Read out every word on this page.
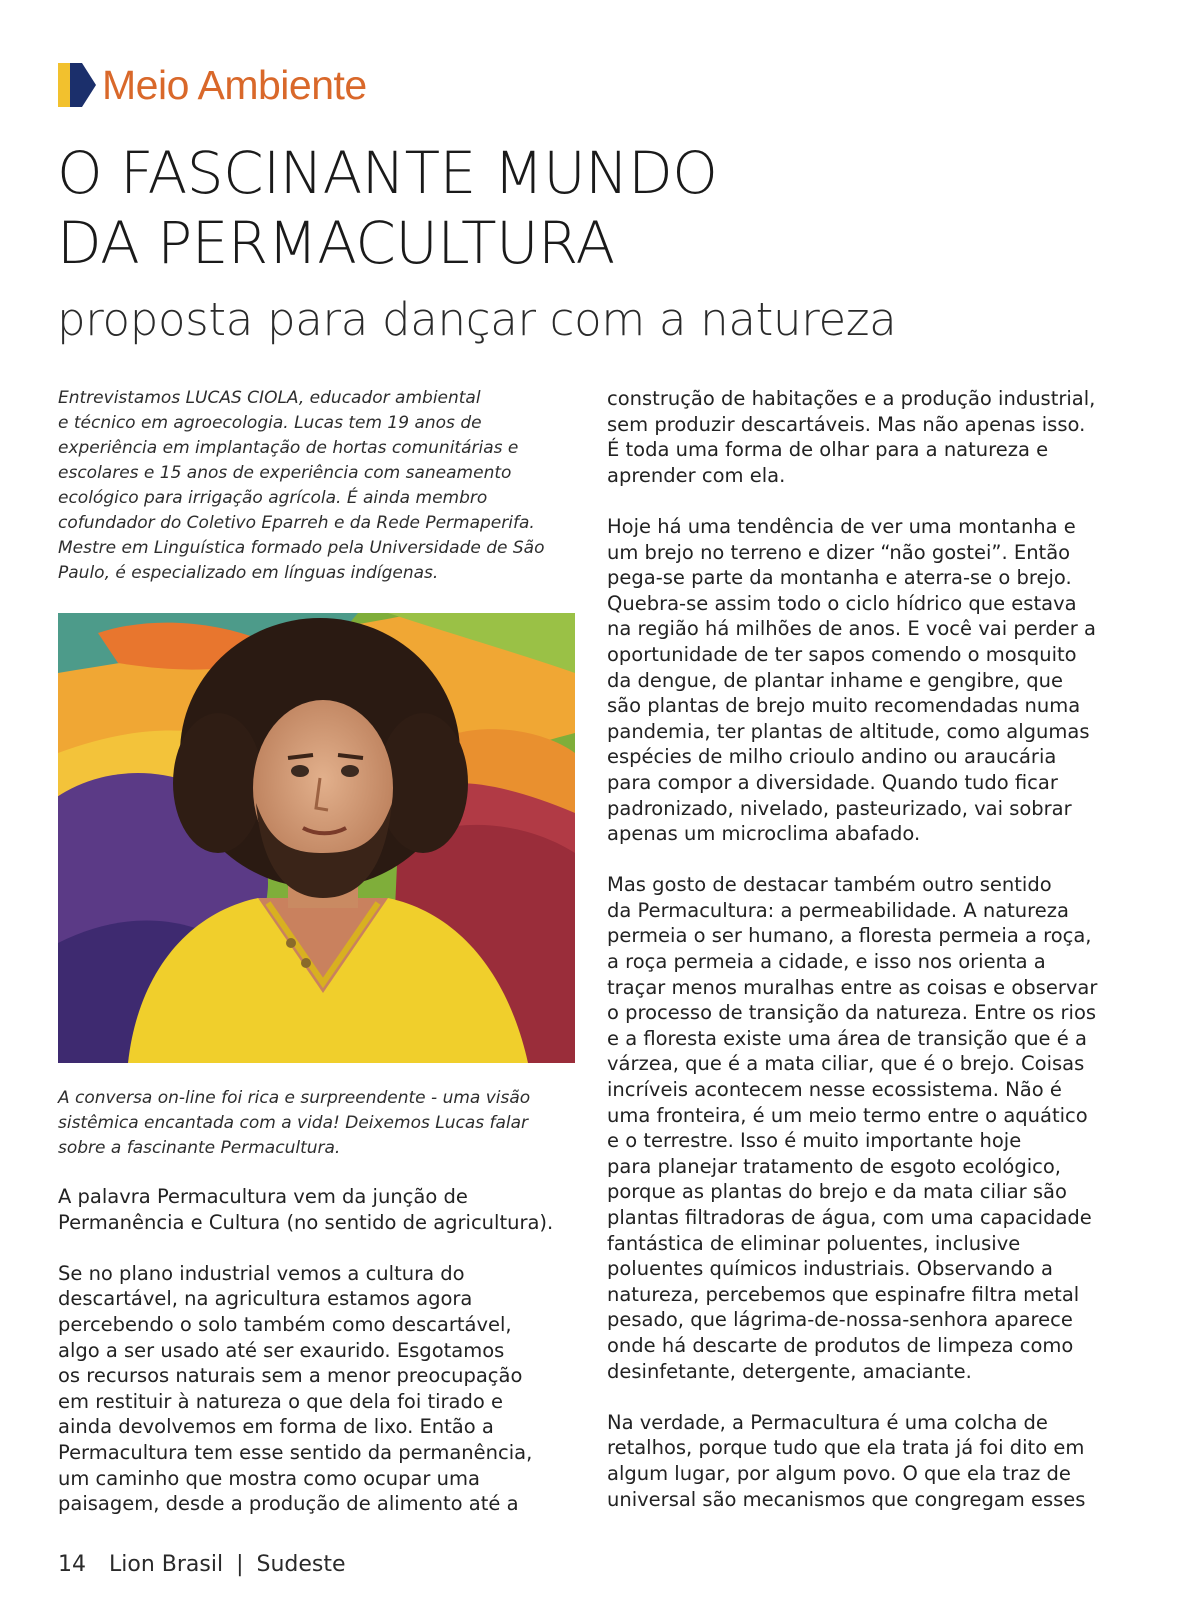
Meio Ambiente
O FASCINANTE MUNDO
DA PERMACULTURA
proposta para dançar com a natureza
Entrevistamos LUCAS CIOLA, educador ambiental
e técnico em agroecologia. Lucas tem 19 anos de
experiência em implantação de hortas comunitárias e
escolares e 15 anos de experiência com saneamento
ecológico para irrigação agrícola. É ainda membro
cofundador do Coletivo Eparreh e da Rede Permaperifa.
Mestre em Linguística formado pela Universidade de São
Paulo, é especializado em línguas indígenas.
A conversa on-line foi rica e surpreendente - uma visão
sistêmica encantada com a vida! Deixemos Lucas falar
sobre a fascinante Permacultura.

A palavra Permacultura vem da junção de
Permanência e Cultura (no sentido de agricultura).

Se no plano industrial vemos a cultura do
descartável, na agricultura estamos agora
percebendo o solo também como descartável,
algo a ser usado até ser exaurido. Esgotamos
os recursos naturais sem a menor preocupação
em restituir à natureza o que dela foi tirado e
ainda devolvemos em forma de lixo. Então a
Permacultura tem esse sentido da permanência,
um caminho que mostra como ocupar uma
paisagem, desde a produção de alimento até a

construção de habitações e a produção industrial,
sem produzir descartáveis. Mas não apenas isso.
É toda uma forma de olhar para a natureza e
aprender com ela.

Hoje há uma tendência de ver uma montanha e
um brejo no terreno e dizer “não gostei”. Então
pega-se parte da montanha e aterra-se o brejo.
Quebra-se assim todo o ciclo hídrico que estava
na região há milhões de anos. E você vai perder a
oportunidade de ter sapos comendo o mosquito
da dengue, de plantar inhame e gengibre, que
são plantas de brejo muito recomendadas numa
pandemia, ter plantas de altitude, como algumas
espécies de milho crioulo andino ou araucária
para compor a diversidade. Quando tudo ficar
padronizado, nivelado, pasteurizado, vai sobrar
apenas um microclima abafado.

Mas gosto de destacar também outro sentido
da Permacultura: a permeabilidade. A natureza
permeia o ser humano, a floresta permeia a roça,
a roça permeia a cidade, e isso nos orienta a
traçar menos muralhas entre as coisas e observar
o processo de transição da natureza. Entre os rios
e a floresta existe uma área de transição que é a
várzea, que é a mata ciliar, que é o brejo. Coisas
incríveis acontecem nesse ecossistema. Não é
uma fronteira, é um meio termo entre o aquático
e o terrestre. Isso é muito importante hoje
para planejar tratamento de esgoto ecológico,
porque as plantas do brejo e da mata ciliar são
plantas filtradoras de água, com uma capacidade
fantástica de eliminar poluentes, inclusive
poluentes químicos industriais. Observando a
natureza, percebemos que espinafre filtra metal
pesado, que lágrima-de-nossa-senhora aparece
onde há descarte de produtos de limpeza como
desinfetante, detergente, amaciante.

Na verdade, a Permacultura é uma colcha de
retalhos, porque tudo que ela trata já foi dito em
algum lugar, por algum povo. O que ela traz de
universal são mecanismos que congregam esses

14 Lion Brasil | Sudeste
